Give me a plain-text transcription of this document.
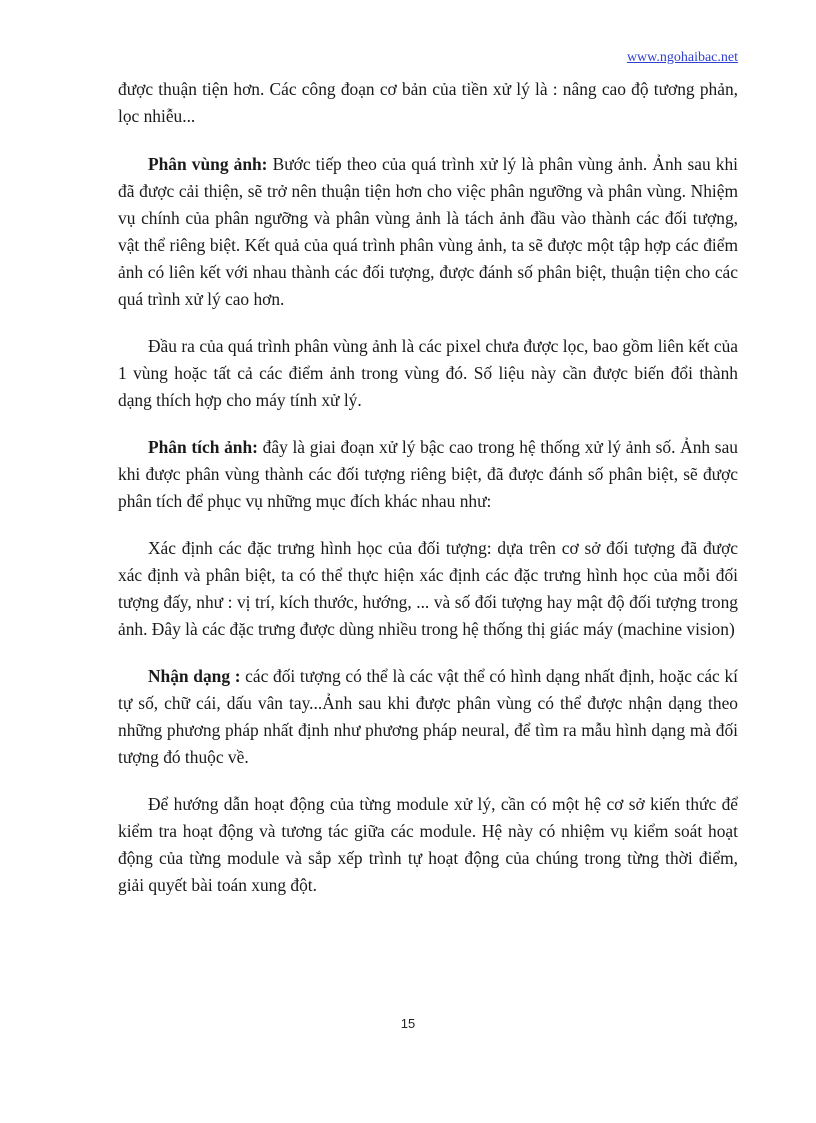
www.ngohaibac.net

được thuận tiện hơn. Các công đoạn cơ bản của tiền xử lý là : nâng cao độ tương phản, lọc nhiễu...

Phân vùng ảnh: Bước tiếp theo của quá trình xử lý là phân vùng ảnh. Ảnh sau khi đã được cải thiện, sẽ trở nên thuận tiện hơn cho việc phân ngưỡng và phân vùng. Nhiệm vụ chính của phân ngưỡng và phân vùng ảnh là tách ảnh đầu vào thành các đối tượng, vật thể riêng biệt. Kết quả của quá trình phân vùng ảnh, ta sẽ được một tập hợp các điểm ảnh có liên kết với nhau thành các đối tượng, được đánh số phân biệt, thuận tiện cho các quá trình xử lý cao hơn.

Đầu ra của quá trình phân vùng ảnh là các pixel chưa được lọc, bao gồm liên kết của 1 vùng hoặc tất cả các điểm ảnh trong vùng đó. Số liệu này cần được biến đổi thành dạng thích hợp cho máy tính xử lý.

Phân tích ảnh: đây là giai đoạn xử lý bậc cao trong hệ thống xử lý ảnh số. Ảnh sau khi được phân vùng thành các đối tượng riêng biệt, đã được đánh số phân biệt, sẽ được phân tích để phục vụ những mục đích khác nhau như:

Xác định các đặc trưng hình học của đối tượng: dựa trên cơ sở đối tượng đã được xác định và phân biệt, ta có thể thực hiện xác định các đặc trưng hình học của mỗi đối tượng đấy, như : vị trí, kích thước, hướng, ... và số đối tượng hay mật độ đối tượng trong ảnh. Đây là các đặc trưng được dùng nhiều trong hệ thống thị giác máy (machine vision)

Nhận dạng : các đối tượng có thể là các vật thể có hình dạng nhất định, hoặc các kí tự số, chữ cái, dấu vân tay...Ảnh sau khi được phân vùng có thể được nhận dạng theo những phương pháp nhất định như phương pháp neural, để tìm ra mẫu hình dạng mà đối tượng đó thuộc về.

Để hướng dẫn hoạt động của từng module xử lý, cần có một hệ cơ sở kiến thức để kiểm tra hoạt động và tương tác giữa các module. Hệ này có nhiệm vụ kiểm soát hoạt động của từng module và sắp xếp trình tự hoạt động của chúng trong từng thời điểm, giải quyết bài toán xung đột.

15
